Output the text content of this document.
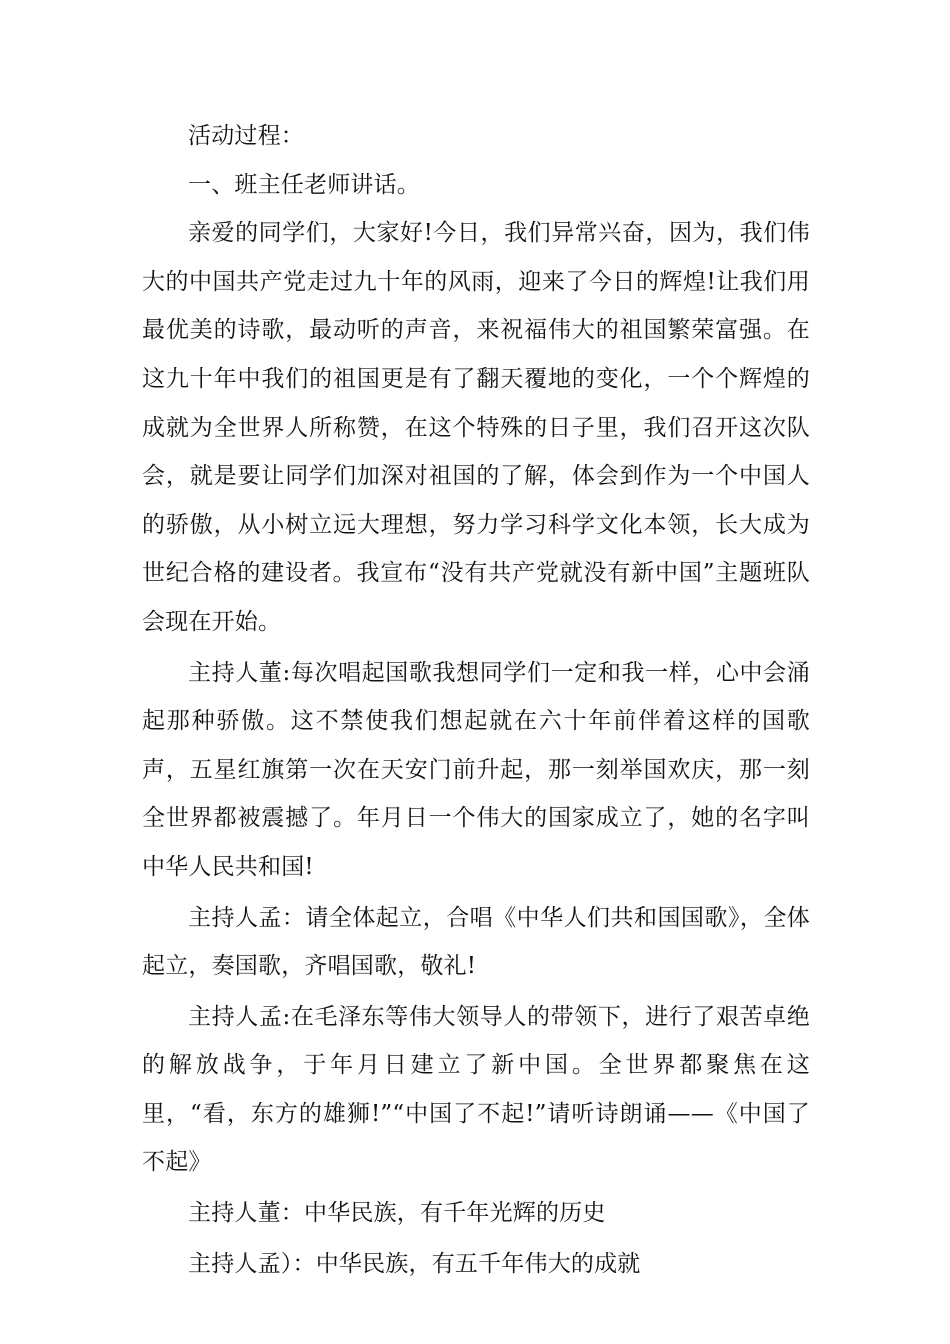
活动过程：

一、班主任老师讲话。

亲爱的同学们，大家好!今日，我们异常兴奋，因为，我们伟大的中国共产党走过九十年的风雨，迎来了今日的辉煌!让我们用最优美的诗歌，最动听的声音，来祝福伟大的祖国繁荣富强。在这九十年中我们的祖国更是有了翻天覆地的变化，一个个辉煌的成就为全世界人所称赞，在这个特殊的日子里，我们召开这次队会，就是要让同学们加深对祖国的了解，体会到作为一个中国人的骄傲，从小树立远大理想，努力学习科学文化本领，长大成为世纪合格的建设者。我宣布“没有共产党就没有新中国”主题班队会现在开始。

主持人董:每次唱起国歌我想同学们一定和我一样，心中会涌起那种骄傲。这不禁使我们想起就在六十年前伴着这样的国歌声，五星红旗第一次在天安门前升起，那一刻举国欢庆，那一刻全世界都被震撼了。年月日一个伟大的国家成立了，她的名字叫中华人民共和国!

主持人孟：请全体起立，合唱《中华人们共和国国歌》，全体起立，奏国歌，齐唱国歌，敬礼!

主持人孟:在毛泽东等伟大领导人的带领下，进行了艰苦卓绝的解放战争，于年月日建立了新中国。全世界都聚焦在这里，“看，东方的雄狮!”“中国了不起!”请听诗朗诵——《中国了不起》

主持人董：中华民族，有千年光辉的历史

主持人孟）：中华民族，有五千年伟大的成就
